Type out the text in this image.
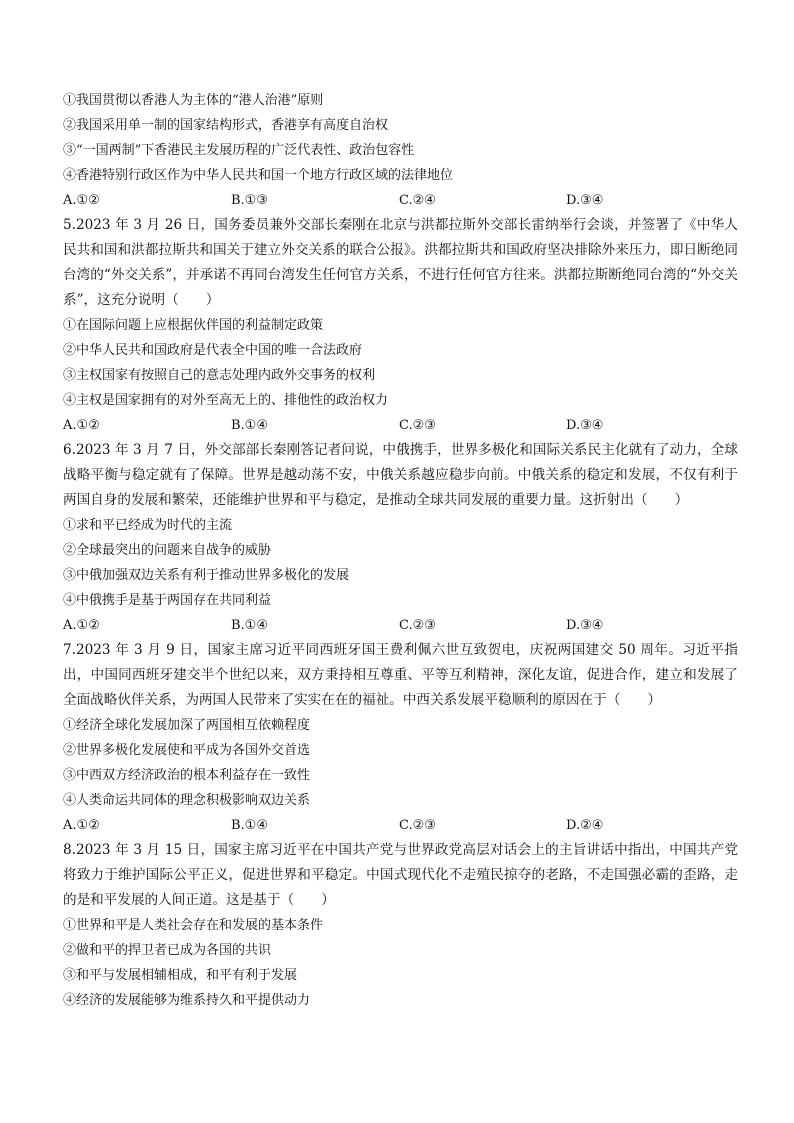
①我国贯彻以香港人为主体的“港人治港”原则
②我国采用单一制的国家结构形式，香港享有高度自治权
③“一国两制”下香港民主发展历程的广泛代表性、政治包容性
④香港特别行政区作为中华人民共和国一个地方行政区域的法律地位
A.①②	B.①③	C.②④	D.③④
5.2023 年 3 月 26 日，国务委员兼外交部长秦刚在北京与洪都拉斯外交部长雷纳举行会谈，并签署了《中华人民共和国和洪都拉斯共和国关于建立外交关系的联合公报》。洪都拉斯共和国政府坚决排除外来压力，即日断绝同台湾的“外交关系”，并承诺不再同台湾发生任何官方关系，不进行任何官方往来。洪都拉斯断绝同台湾的“外交关系”，这充分说明（　　）
①在国际问题上应根据伙伴国的利益制定政策
②中华人民共和国政府是代表全中国的唯一合法政府
③主权国家有按照自己的意志处理内政外交事务的权利
④主权是国家拥有的对外至高无上的、排他性的政治权力
A.①②	B.①④	C.②③	D.③④
6.2023 年 3 月 7 日，外交部部长秦刚答记者问说，中俄携手，世界多极化和国际关系民主化就有了动力，全球战略平衡与稳定就有了保障。世界是越动荡不安，中俄关系越应稳步向前。中俄关系的稳定和发展，不仅有利于两国自身的发展和繁荣，还能维护世界和平与稳定，是推动全球共同发展的重要力量。这折射出（　　）
①求和平已经成为时代的主流
②全球最突出的问题来自战争的威胁
③中俄加强双边关系有利于推动世界多极化的发展
④中俄携手是基于两国存在共同利益
A.①②	B.①④	C.②③	D.③④
7.2023 年 3 月 9 日，国家主席习近平同西班牙国王费利佩六世互致贺电，庆祝两国建交 50 周年。习近平指出，中国同西班牙建交半个世纪以来，双方秉持相互尊重、平等互利精神，深化友谊，促进合作，建立和发展了全面战略伙伴关系，为两国人民带来了实实在在的福祉。中西关系发展平稳顺利的原因在于（　　）
①经济全球化发展加深了两国相互依赖程度
②世界多极化发展使和平成为各国外交首选
③中西双方经济政治的根本利益存在一致性
④人类命运共同体的理念积极影响双边关系
A.①②	B.①④	C.②③	D.②④
8.2023 年 3 月 15 日，国家主席习近平在中国共产党与世界政党高层对话会上的主旨讲话中指出，中国共产党将致力于维护国际公平正义，促进世界和平稳定。中国式现代化不走殖民掠夺的老路，不走国强必霸的歪路，走的是和平发展的人间正道。这是基于（　　）
①世界和平是人类社会存在和发展的基本条件
②做和平的捍卫者已成为各国的共识
③和平与发展相辅相成，和平有利于发展
④经济的发展能够为维系持久和平提供动力
